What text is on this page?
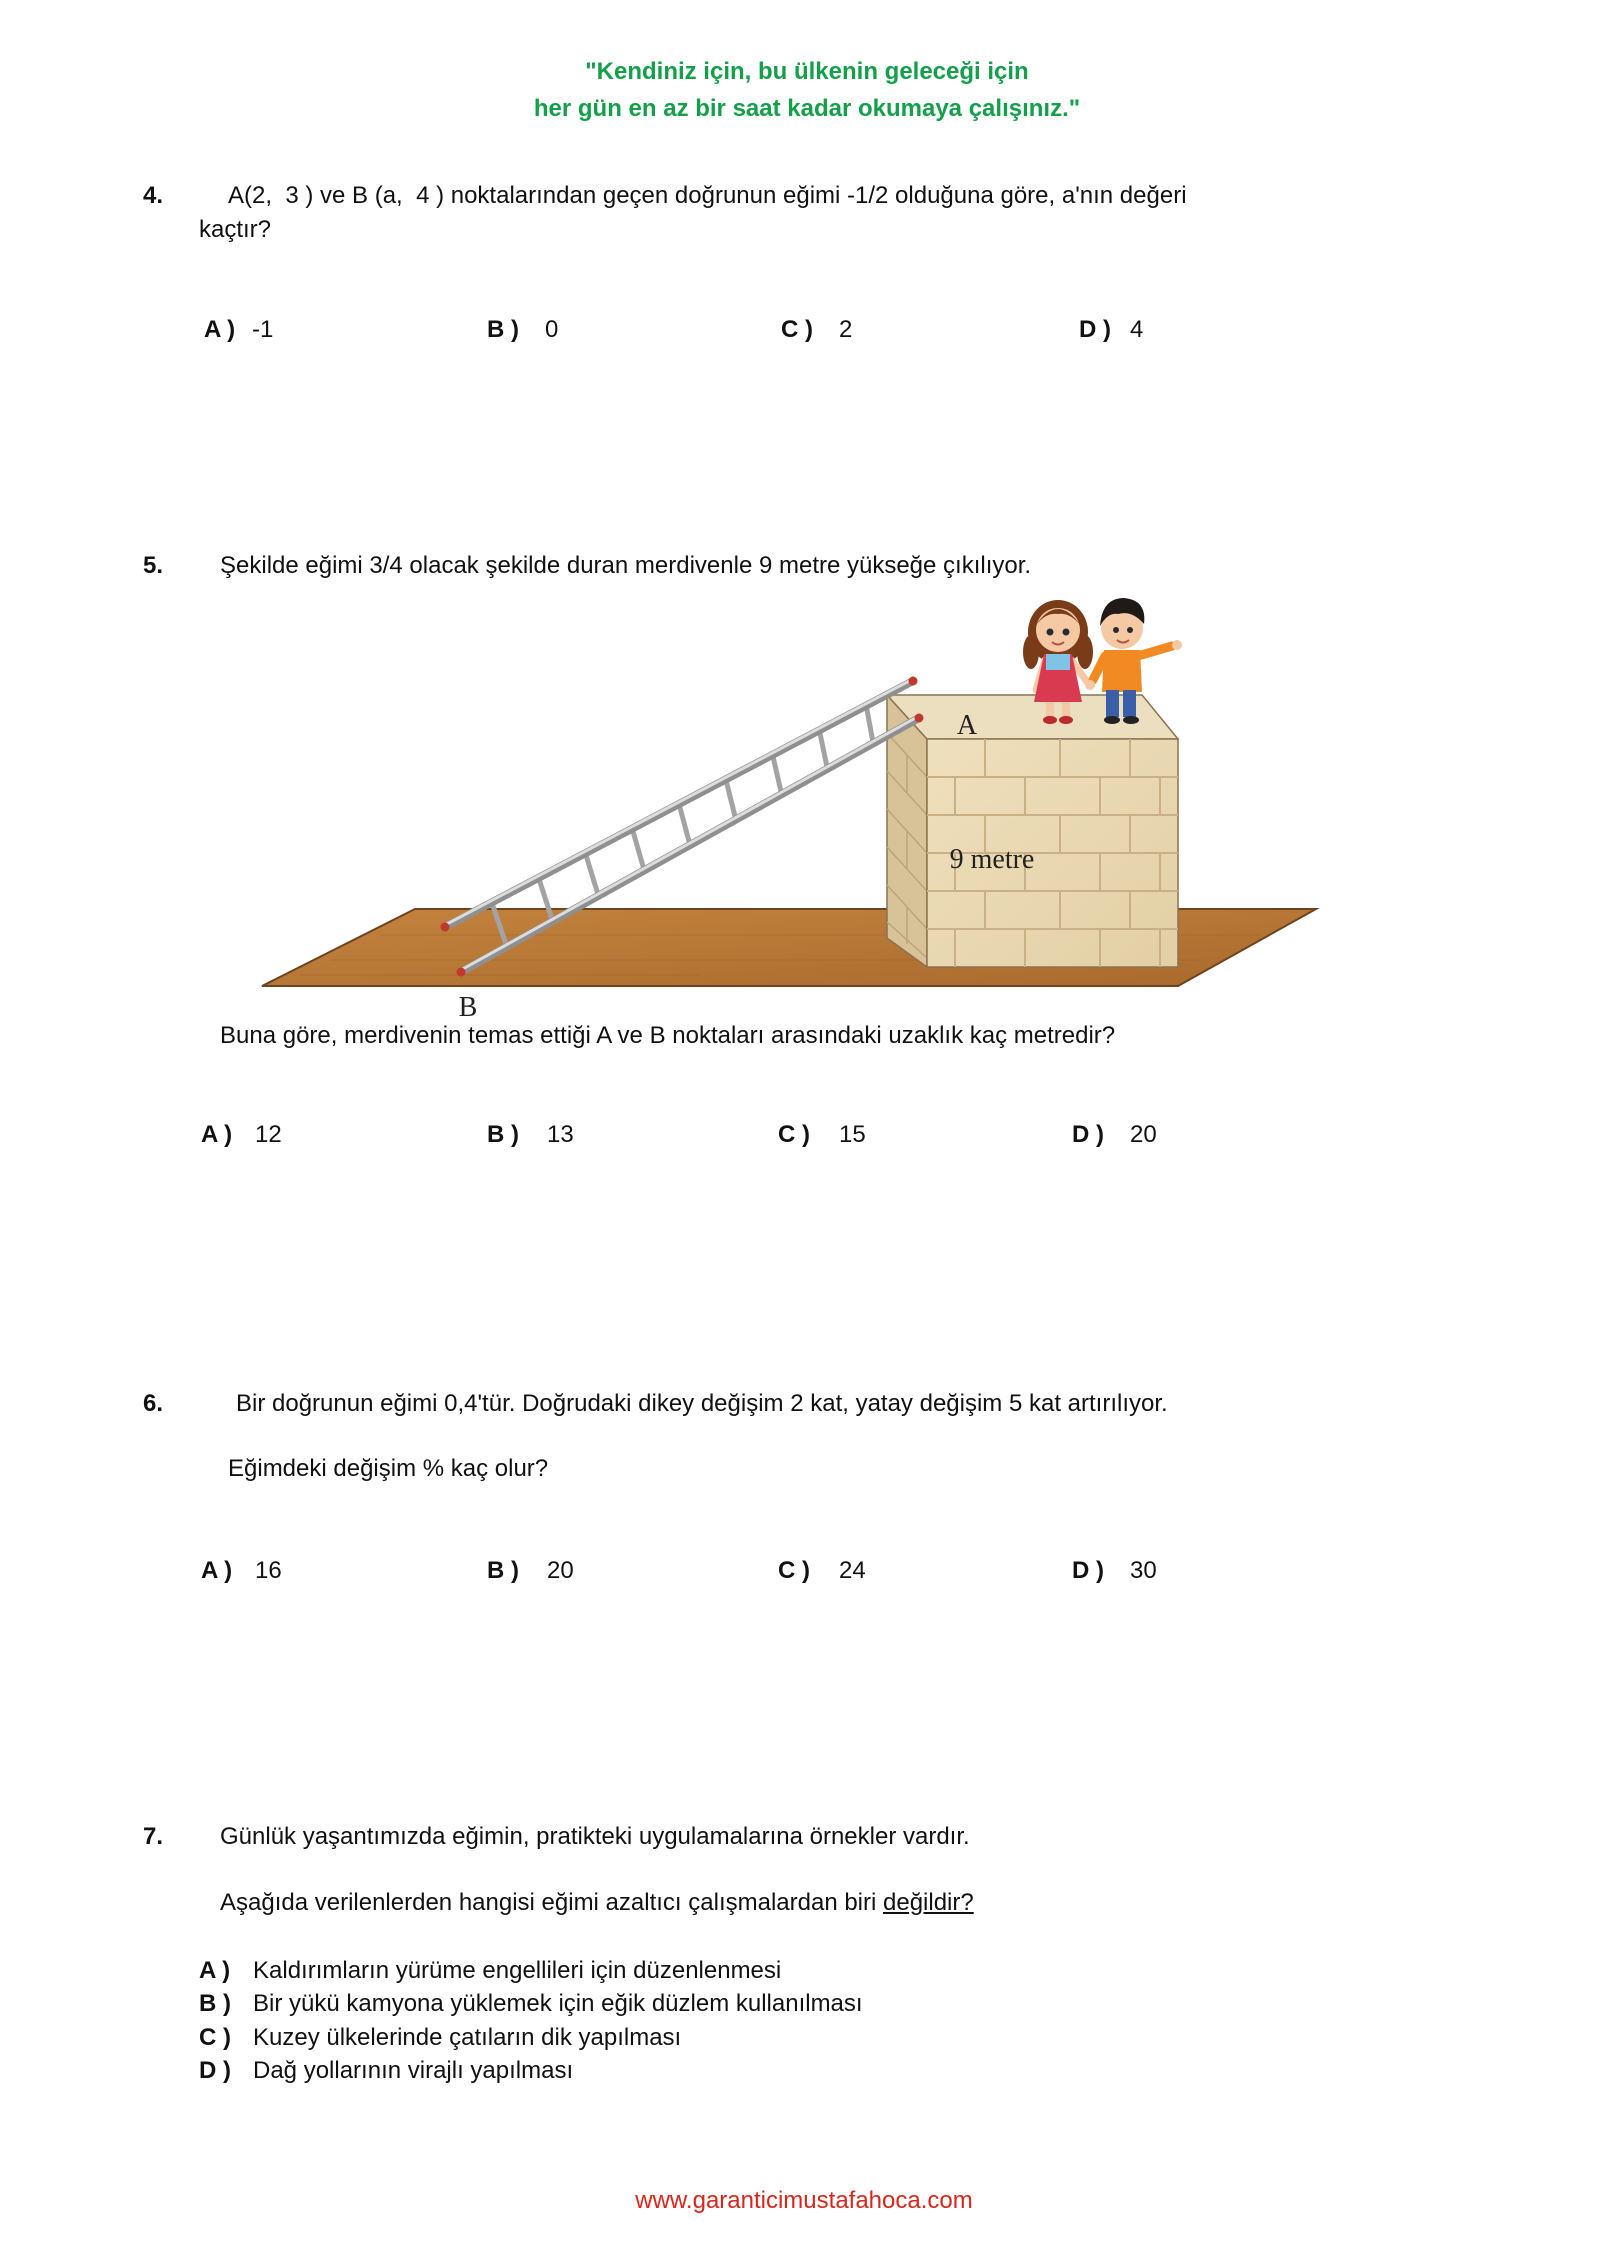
"Kendiniz için, bu ülkenin geleceği için
her gün en az bir saat kadar okumaya çalışınız."
4.	A(2,  3 ) ve B (a,  4 ) noktalarından geçen doğrunun eğimi -1/2 olduğuna göre, a'nın değeri
kaçtır?
A ) -1	B ) 0	C ) 2	D ) 4
5. Şekilde eğimi 3/4 olacak şekilde duran merdivenle 9 metre yükseğe çıkılıyor.
A
9 metre
B
Buna göre, merdivenin temas ettiği A ve B noktaları arasındaki uzaklık kaç metredir?
A ) 12	B ) 13	C ) 15	D ) 20
6.	Bir doğrunun eğimi 0,4'tür. Doğrudaki dikey değişim 2 kat, yatay değişim 5 kat artırılıyor.
Eğimdeki değişim % kaç olur?
A ) 16	B ) 20	C ) 24	D ) 30
7. Günlük yaşantımızda eğimin, pratikteki uygulamalarına örnekler vardır.
Aşağıda verilenlerden hangisi eğimi azaltıcı çalışmalardan biri değildir?
A ) Kaldırımların yürüme engellileri için düzenlenmesi
B ) Bir yükü kamyona yüklemek için eğik düzlem kullanılması
C ) Kuzey ülkelerinde çatıların dik yapılması
D ) Dağ yollarının virajlı yapılması
www.garanticimustafahoca.com
